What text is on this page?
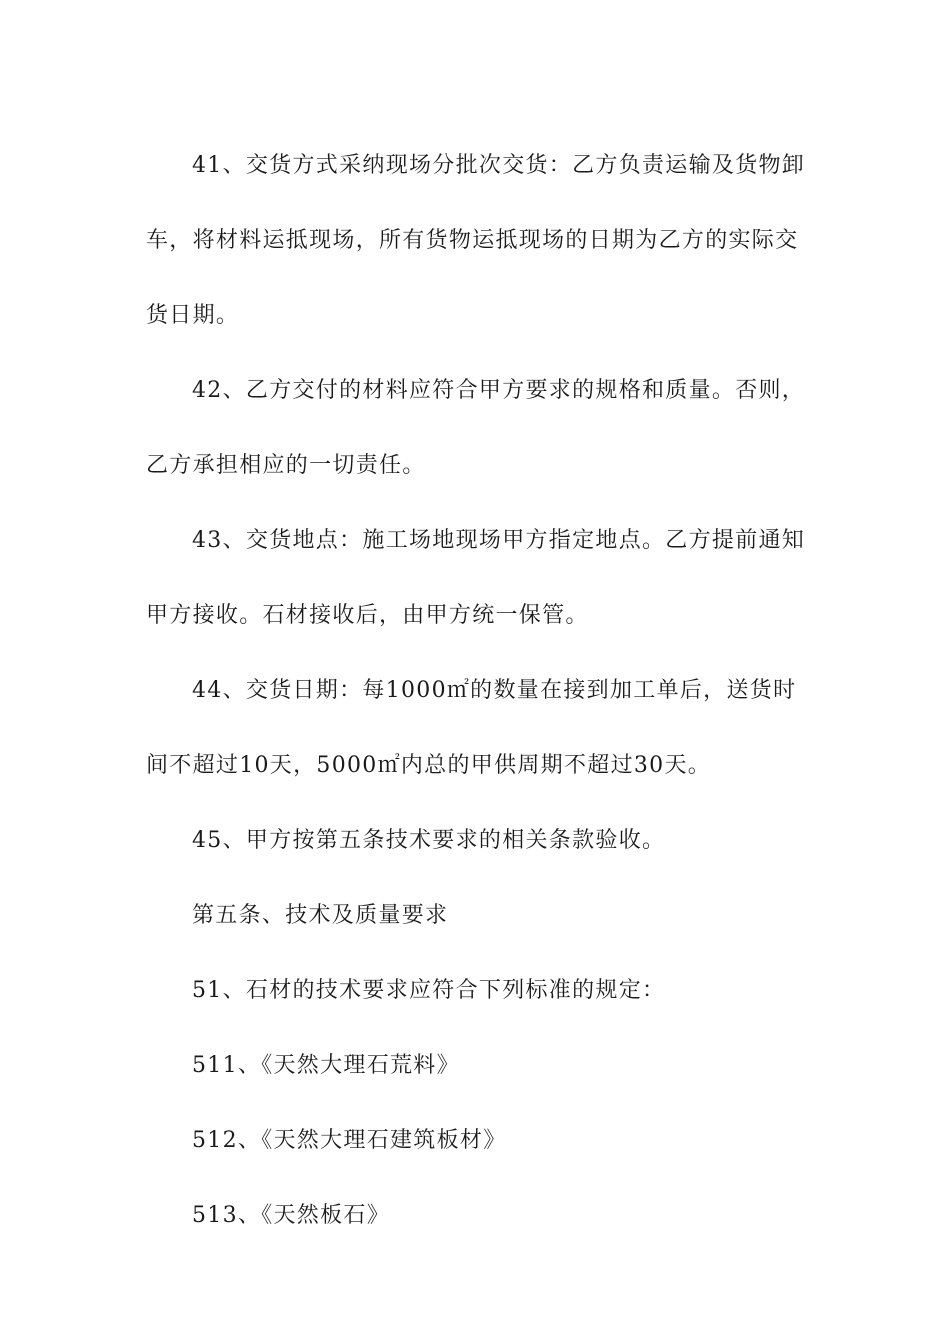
41、交货方式采纳现场分批次交货：乙方负责运输及货物卸车，将材料运抵现场，所有货物运抵现场的日期为乙方的实际交货日期。

42、乙方交付的材料应符合甲方要求的规格和质量。否则，乙方承担相应的一切责任。

43、交货地点：施工场地现场甲方指定地点。乙方提前通知甲方接收。石材接收后，由甲方统一保管。

44、交货日期：每1000㎡的数量在接到加工单后，送货时间不超过10天，5000㎡内总的甲供周期不超过30天。

45、甲方按第五条技术要求的相关条款验收。

第五条、技术及质量要求

51、石材的技术要求应符合下列标准的规定：

511、《天然大理石荒料》

512、《天然大理石建筑板材》

513、《天然板石》
